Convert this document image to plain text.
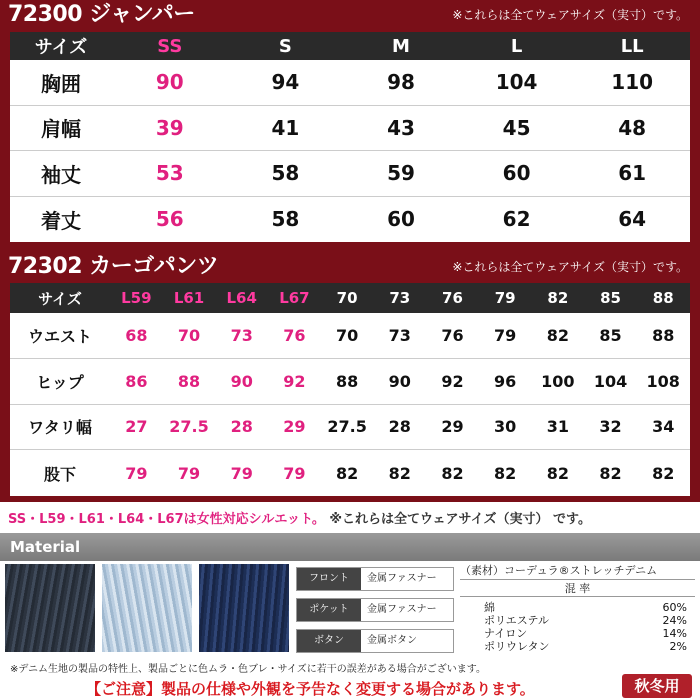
72300 ジャンパー	※これらは全てウェアサイズ（実寸）です。
サイズ	SS	S	M	L	LL
胸囲	90	94	98	104	110
肩幅	39	41	43	45	48
袖丈	53	58	59	60	61
着丈	56	58	60	62	64
72302 カーゴパンツ	※これらは全てウェアサイズ（実寸）です。
サイズ	L59	L61	L64	L67	70	73	76	79	82	85	88
ウエスト	68	70	73	76	70	73	76	79	82	85	88
ヒップ	86	88	90	92	88	90	92	96	100	104	108
ワタリ幅	27	27.5	28	29	27.5	28	29	30	31	32	34
股下	79	79	79	79	82	82	82	82	82	82	82
SS・L59・L61・L64・L67は女性対応シルエット。 ※これらは全てウェアサイズ（実寸） です。
Material
フロント	金属ファスナー
ポケット	金属ファスナー
ボタン	金属ボタン
（素材）コーデュラ®ストレッチデニム
混 率
綿	60%
ポリエステル	24%
ナイロン	14%
ポリウレタン	2%
※デニム生地の製品の特性上、製品ごとに色ムラ・色ブレ・サイズに若干の誤差がある場合がございます。
【ご注意】製品の仕様や外観を予告なく変更する場合があります。	秋冬用
